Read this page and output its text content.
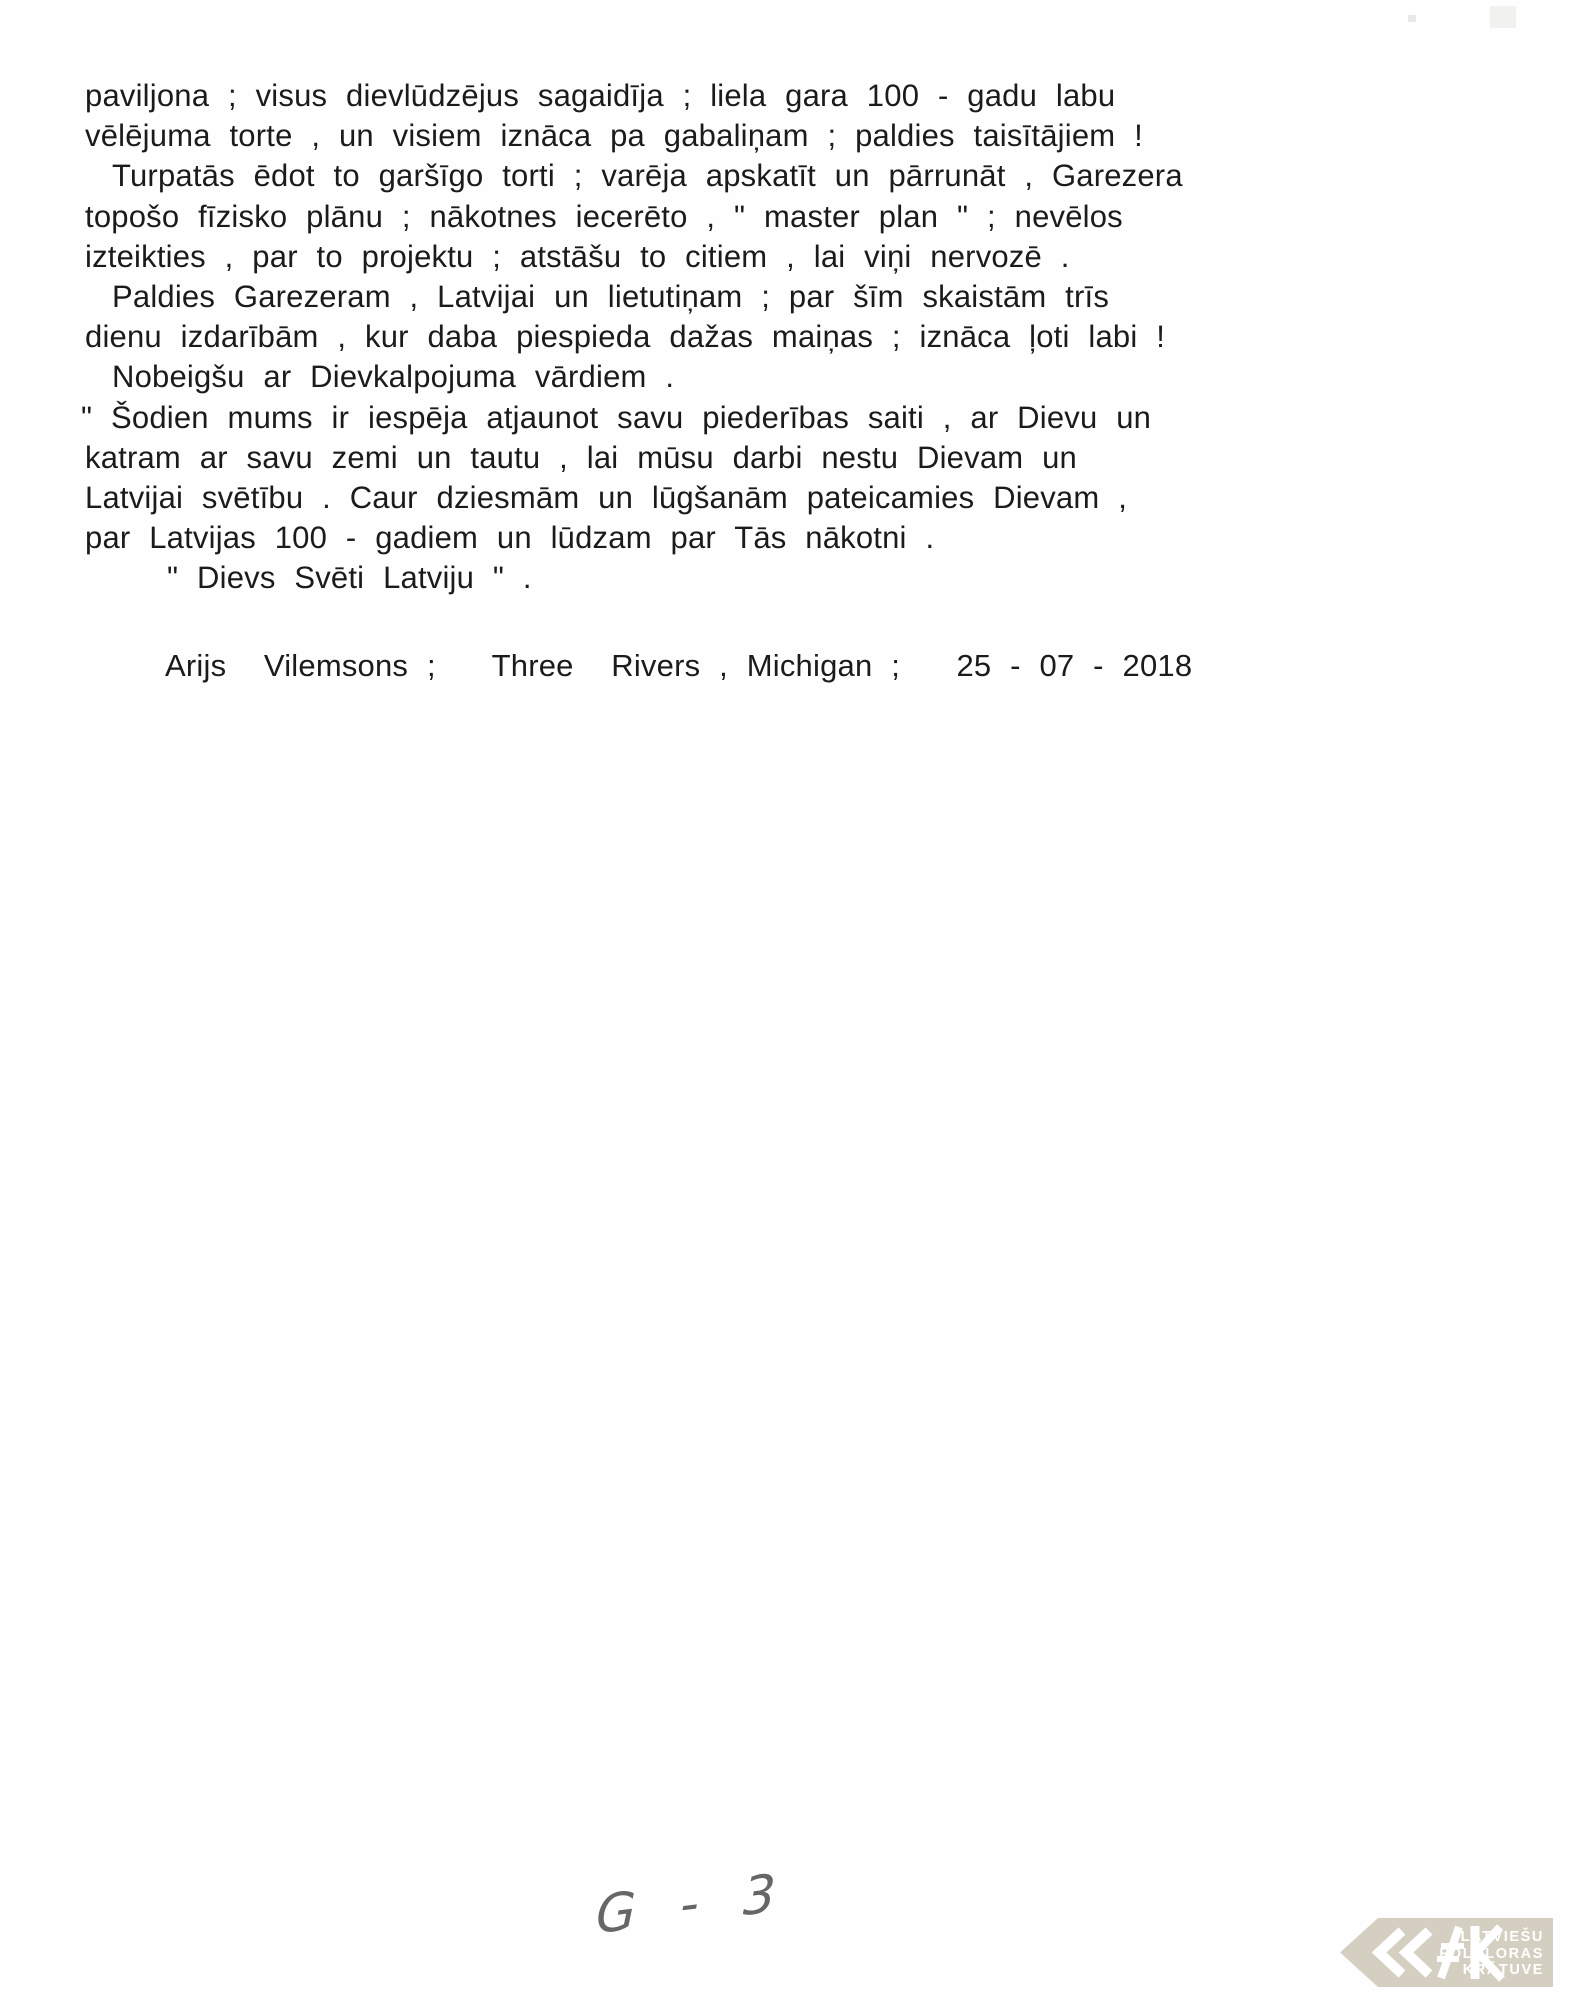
paviljona ; visus dievlūdzējus sagaidīja ; liela gara 100 - gadu labu
vēlējuma torte , un visiem iznāca pa gabaliņam ; paldies taisītājiem !
Turpatās ēdot to garšīgo torti ; varēja apskatīt un pārrunāt , Garezera
topošo fīzisko plānu ; nākotnes iecerēto , " master plan " ; nevēlos
izteikties , par to projektu ; atstāšu to citiem , lai viņi nervozē .
Paldies Garezeram , Latvijai un lietutiņam ; par šīm skaistām trīs
dienu izdarībām , kur daba piespieda dažas maiņas ; iznāca ļoti labi !
Nobeigšu ar Dievkalpojuma vārdiem .
" Šodien mums ir iespēja atjaunot savu piederības saiti , ar Dievu un
katram ar savu zemi un tautu , lai mūsu darbi nestu Dievam un
Latvijai svētību . Caur dziesmām un lūgšanām pateicamies Dievam ,
par Latvijas 100 - gadiem un lūdzam par Tās nākotni .
" Dievs Svēti Latviju " .
Arijs  Vilemsons ;   Three  Rivers , Michigan ;   25 - 07 - 2018
G - 3	LATVIEŠU
FOLKLORAS
KRĀTUVE
